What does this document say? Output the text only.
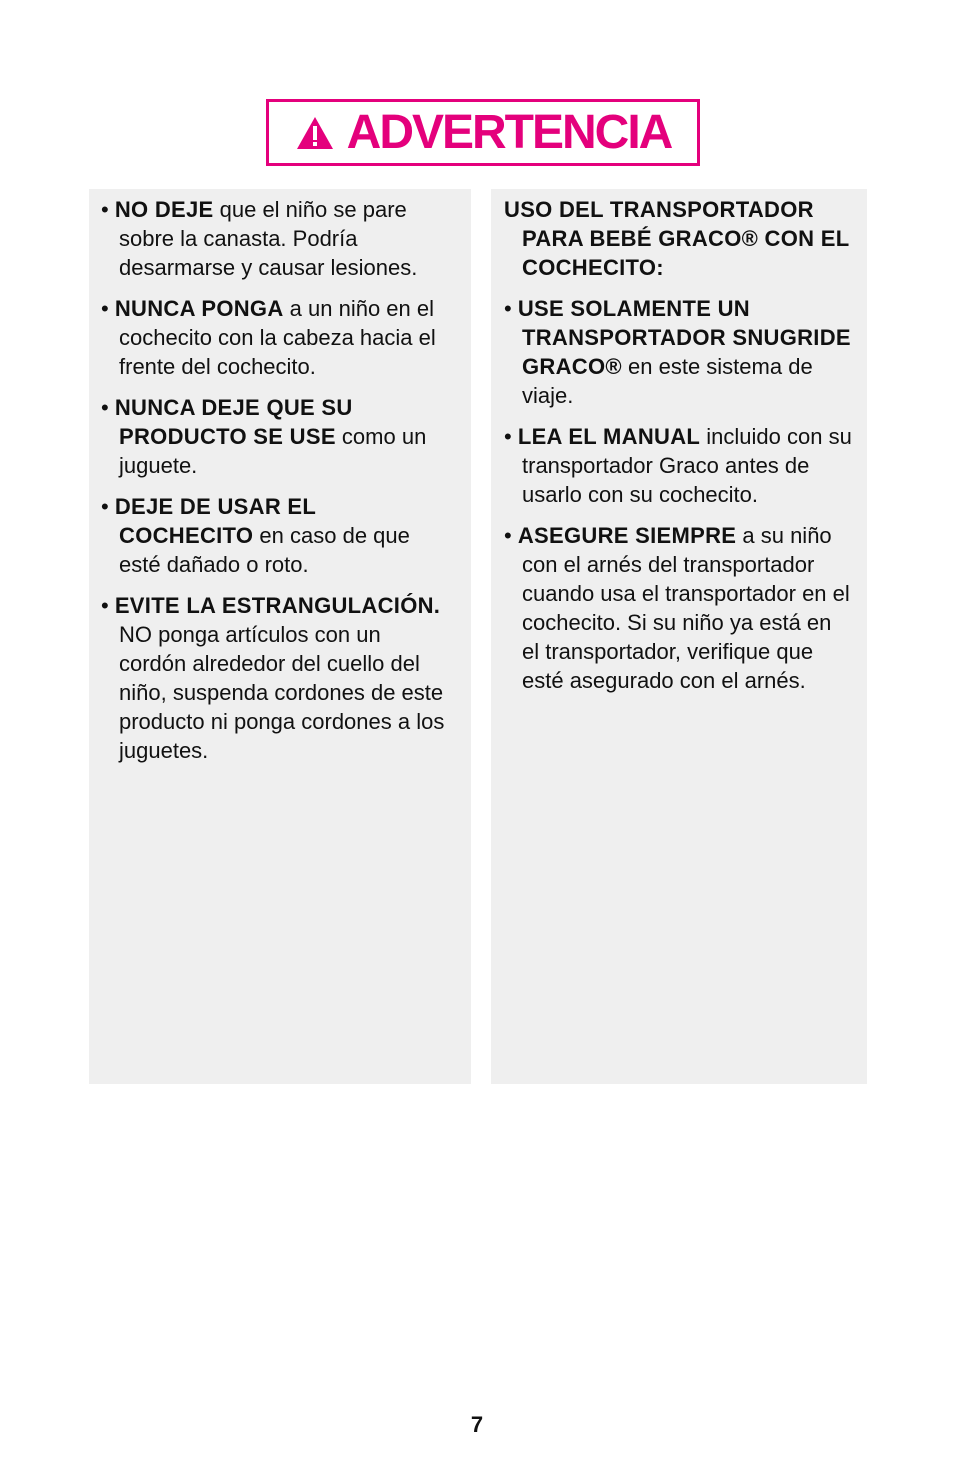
ADVERTENCIA

• NO DEJE que el niño se pare sobre la canasta. Podría desarmarse y causar lesiones.

• NUNCA PONGA a un niño en el cochecito con la cabeza hacia el frente del cochecito.

• NUNCA DEJE QUE SU PRODUCTO SE USE como un juguete.

• DEJE DE USAR EL COCHECITO en caso de que esté dañado o roto.

• EVITE LA ESTRANGULACIÓN. NO ponga artículos con un cordón alrededor del cuello del niño, suspenda cordones de este producto ni ponga cordones a los juguetes.

USO DEL TRANSPORTADOR PARA BEBÉ GRACO® CON EL COCHECITO:

• USE SOLAMENTE UN TRANSPORTADOR SNUGRIDE GRACO® en este sistema de viaje.

• LEA EL MANUAL incluido con su transportador Graco antes de usarlo con su cochecito.

• ASEGURE SIEMPRE a su niño con el arnés del transportador cuando usa el transportador en el cochecito. Si su niño ya está en el transportador, verifique que esté asegurado con el arnés.

7
